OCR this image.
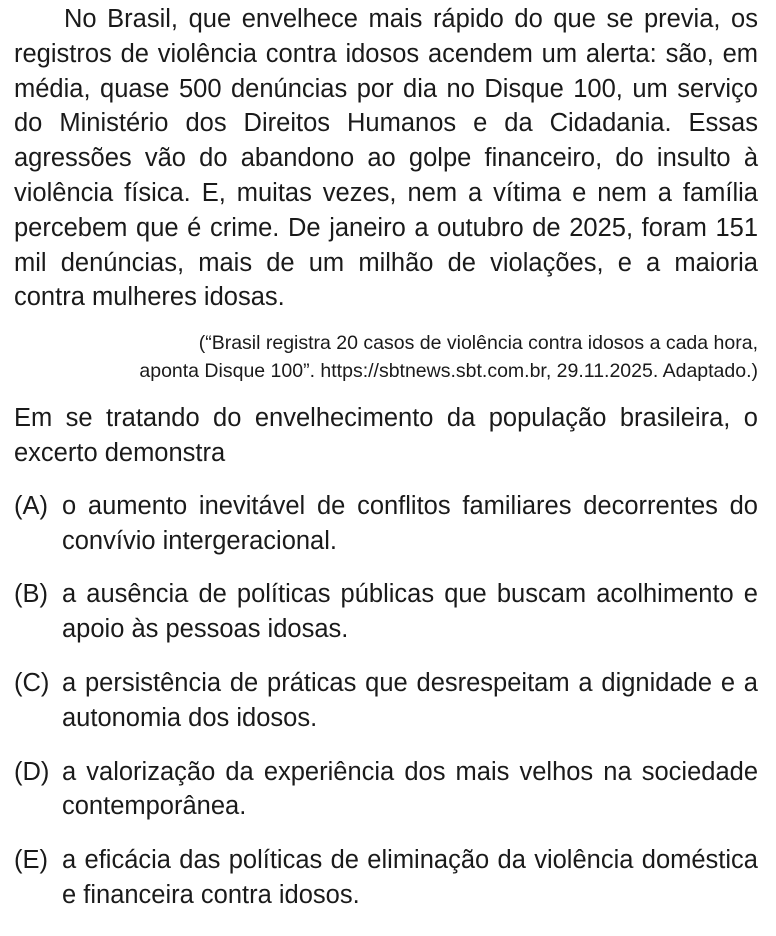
No Brasil, que envelhece mais rápido do que se previa, os registros de violência contra idosos acendem um alerta: são, em média, quase 500 denúncias por dia no Disque 100, um serviço do Ministério dos Direitos Humanos e da Cidadania. Essas agressões vão do abandono ao golpe financeiro, do insulto à violência física. E, muitas vezes, nem a vítima e nem a família percebem que é crime. De janeiro a outubro de 2025, foram 151 mil denúncias, mais de um milhão de violações, e a maioria contra mulheres idosas.

(“Brasil registra 20 casos de violência contra idosos a cada hora,
aponta Disque 100”. https://sbtnews.sbt.com.br, 29.11.2025. Adaptado.)

Em se tratando do envelhecimento da população brasileira, o excerto demonstra

(A) o aumento inevitável de conflitos familiares decorrentes do convívio intergeracional.
(B) a ausência de políticas públicas que buscam acolhimento e apoio às pessoas idosas.
(C) a persistência de práticas que desrespeitam a dignidade e a autonomia dos idosos.
(D) a valorização da experiência dos mais velhos na sociedade contemporânea.
(E) a eficácia das políticas de eliminação da violência doméstica e financeira contra idosos.
